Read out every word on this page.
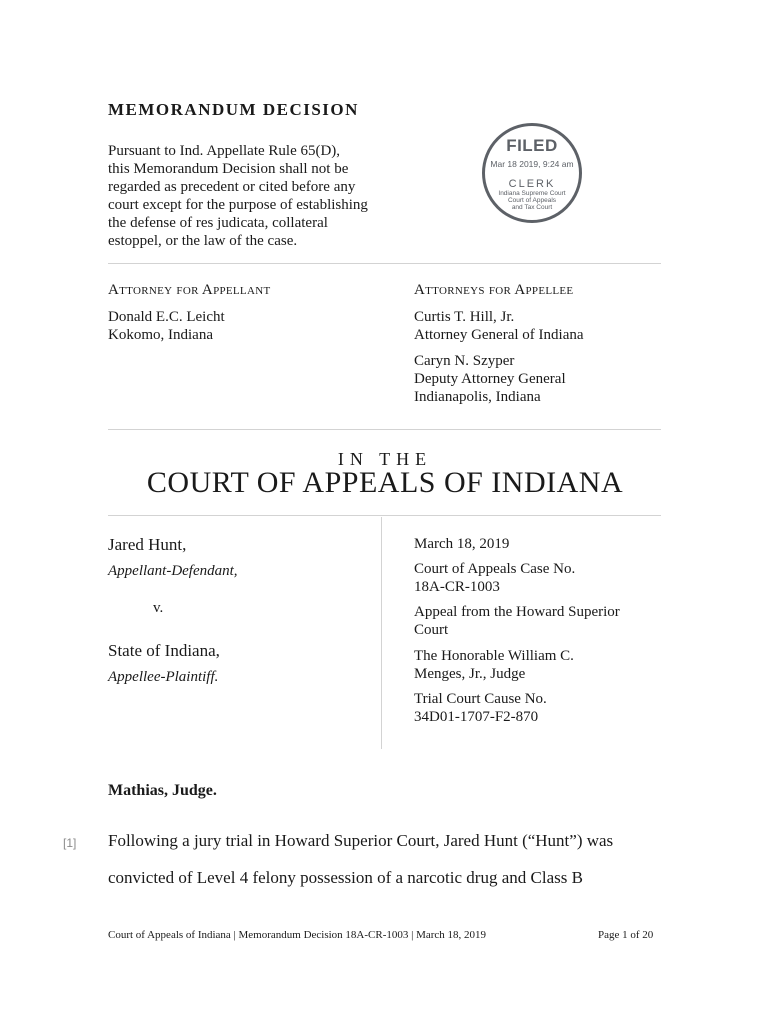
MEMORANDUM DECISION
Pursuant to Ind. Appellate Rule 65(D),
this Memorandum Decision shall not be
regarded as precedent or cited before any
court except for the purpose of establishing
the defense of res judicata, collateral
estoppel, or the law of the case.
FILED
Mar 18 2019, 9:24 am
CLERK
Indiana Supreme Court
Court of Appeals
and Tax Court
Attorney for Appellant
Donald E.C. Leicht
Kokomo, Indiana
Attorneys for Appellee
Curtis T. Hill, Jr.
Attorney General of Indiana
Caryn N. Szyper
Deputy Attorney General
Indianapolis, Indiana
IN THE
COURT OF APPEALS OF INDIANA
Jared Hunt,
Appellant-Defendant,
v.
State of Indiana,
Appellee-Plaintiff.
March 18, 2019
Court of Appeals Case No.
18A-CR-1003
Appeal from the Howard Superior
Court
The Honorable William C.
Menges, Jr., Judge
Trial Court Cause No.
34D01-1707-F2-870
Mathias, Judge.
[1] Following a jury trial in Howard Superior Court, Jared Hunt (“Hunt”) was
convicted of Level 4 felony possession of a narcotic drug and Class B
Court of Appeals of Indiana | Memorandum Decision 18A-CR-1003 | March 18, 2019	Page 1 of 20
